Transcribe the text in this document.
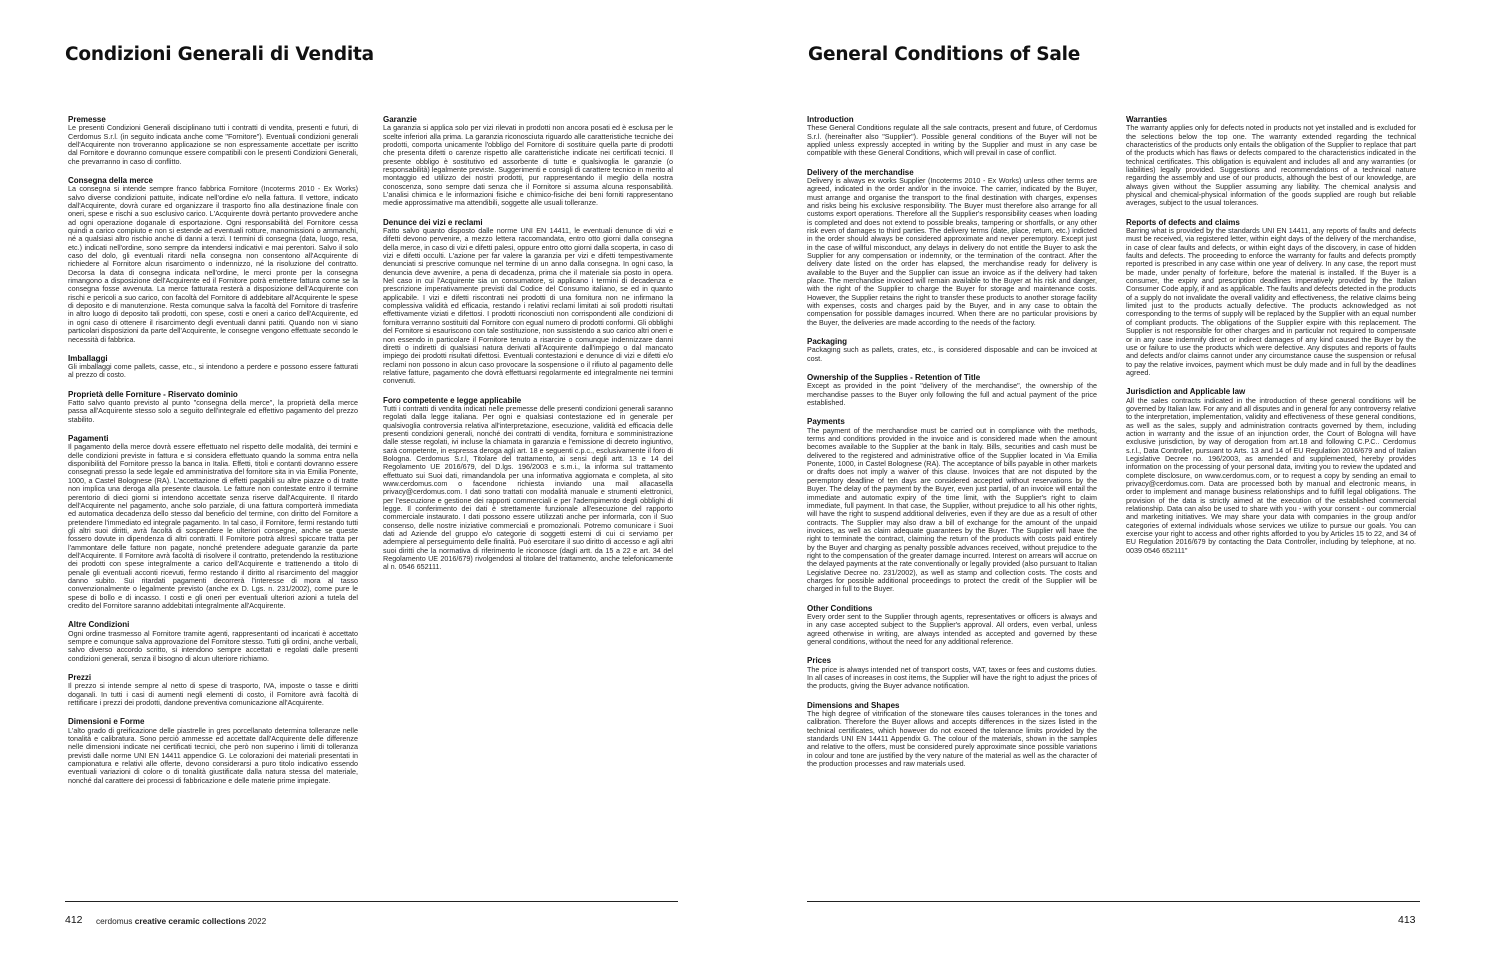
Condizioni Generali di Vendita	General Conditions of Sale
Premesse

Le presenti Condizioni Generali disciplinano tutti i contratti di vendita, presenti e futuri, di Cerdomus S.r.l. (in seguito indicata anche come "Fornitore"). Eventuali condizioni generali dell'Acquirente non troveranno applicazione se non espressamente accettate per iscritto dal Fornitore e dovranno comunque essere compatibili con le presenti Condizioni Generali, che prevarranno in caso di conflitto.

Consegna della merce

La consegna si intende sempre franco fabbrica Fornitore (Incoterms 2010 - Ex Works) salvo diverse condizioni pattuite, indicate nell'ordine e/o nella fattura. Il vettore, indicato dall'Acquirente, dovrà curare ed organizzare il trasporto fino alla destinazione finale con oneri, spese e rischi a suo esclusivo carico. L'Acquirente dovrà pertanto provvedere anche ad ogni operazione doganale di esportazione. Ogni responsabilità del Fornitore cessa quindi a carico compiuto e non si estende ad eventuali rotture, manomissioni o ammanchi, né a qualsiasi altro rischio anche di danni a terzi. I termini di consegna (data, luogo, resa, etc.) indicati nell'ordine, sono sempre da intendersi indicativi e mai perentori. Salvo il solo caso del dolo, gli eventuali ritardi nella consegna non consentono all'Acquirente di richiedere al Fornitore alcun risarcimento o indennizzo, né la risoluzione del contratto. Decorsa la data di consegna indicata nell'ordine, le merci pronte per la consegna rimangono a disposizione dell'Acquirente ed il Fornitore potrà emettere fattura come se la consegna fosse avvenuta. La merce fatturata resterà a disposizione dell'Acquirente con rischi e pericoli a suo carico, con facoltà del Fornitore di addebitare all'Acquirente le spese di deposito e di manutenzione. Resta comunque salva la facoltà del Fornitore di trasferire in altro luogo di deposito tali prodotti, con spese, costi e oneri a carico dell'Acquirente, ed in ogni caso di ottenere il risarcimento degli eventuali danni patiti. Quando non vi siano particolari disposizioni da parte dell'Acquirente, le consegne vengono effettuate secondo le necessità di fabbrica.

Imballaggi

Gli imballaggi come pallets, casse, etc., si intendono a perdere e possono essere fatturati al prezzo di costo.

Proprietà delle Forniture - Riservato dominio

Fatto salvo quanto previsto al punto "consegna della merce", la proprietà della merce passa all'Acquirente stesso solo a seguito dell'integrale ed effettivo pagamento del prezzo stabilito.

Pagamenti

Il pagamento della merce dovrà essere effettuato nel rispetto delle modalità, dei termini e delle condizioni previste in fattura e si considera effettuato quando la somma entra nella disponibilità del Fornitore presso la banca in Italia. Effetti, titoli e contanti dovranno essere consegnati presso la sede legale ed amministrativa del fornitore sita in via Emilia Ponente, 1000, a Castel Bolognese (RA). L'accettazione di effetti pagabili su altre piazze o di tratte non implica una deroga alla presente clausola. Le fatture non contestate entro il termine perentorio di dieci giorni si intendono accettate senza riserve dall'Acquirente. Il ritardo dell'Acquirente nel pagamento, anche solo parziale, di una fattura comporterà immediata ed automatica decadenza dello stesso dal beneficio del termine, con diritto del Fornitore a pretendere l'immediato ed integrale pagamento. In tal caso, il Fornitore, fermi restando tutti gli altri suoi diritti, avrà facoltà di sospendere le ulteriori consegne, anche se queste fossero dovute in dipendenza di altri contratti. Il Fornitore potrà altresì spiccare tratta per l'ammontare delle fatture non pagate, nonché pretendere adeguate garanzie da parte dell'Acquirente. Il Fornitore avrà facoltà di risolvere il contratto, pretendendo la restituzione dei prodotti con spese integralmente a carico dell'Acquirente e trattenendo a titolo di penale gli eventuali acconti ricevuti, fermo restando il diritto al risarcimento del maggior danno subito. Sui ritardati pagamenti decorrerà l'interesse di mora al tasso convenzionalmente o legalmente previsto (anche ex D. Lgs. n. 231/2002), come pure le spese di bollo e di incasso. I costi e gli oneri per eventuali ulteriori azioni a tutela del credito del Fornitore saranno addebitati integralmente all'Acquirente.

Altre Condizioni

Ogni ordine trasmesso al Fornitore tramite agenti, rappresentanti od incaricati è accettato sempre e comunque salva approvazione del Fornitore stesso. Tutti gli ordini, anche verbali, salvo diverso accordo scritto, si intendono sempre accettati e regolati dalle presenti condizioni generali, senza il bisogno di alcun ulteriore richiamo.

Prezzi

Il prezzo si intende sempre al netto di spese di trasporto, IVA, imposte o tasse e diritti doganali. In tutti i casi di aumenti negli elementi di costo, il Fornitore avrà facoltà di rettificare i prezzi dei prodotti, dandone preventiva comunicazione all'Acquirente.

Dimensioni e Forme

L'alto grado di greificazione delle piastrelle in gres porcellanato determina tolleranze nelle tonalità e calibratura. Sono perciò ammesse ed accettate dall'Acquirente delle differenze nelle dimensioni indicate nei certificati tecnici, che però non superino i limiti di tolleranza previsti dalle norme UNI EN 14411 appendice G. Le colorazioni dei materiali presentati in campionatura e relativi alle offerte, devono considerarsi a puro titolo indicativo essendo eventuali variazioni di colore o di tonalità giustificate dalla natura stessa del materiale, nonché dal carattere dei processi di fabbricazione e delle materie prime impiegate.

Garanzie

La garanzia si applica solo per vizi rilevati in prodotti non ancora posati ed è esclusa per le scelte inferiori alla prima. La garanzia riconosciuta riguardo alle caratteristiche tecniche dei prodotti, comporta unicamente l'obbligo del Fornitore di sostituire quella parte di prodotti che presenta difetti o carenze rispetto alle caratteristiche indicate nei certificati tecnici. Il presente obbligo è sostitutivo ed assorbente di tutte e qualsivoglia le garanzie (o responsabilità) legalmente previste. Suggerimenti e consigli di carattere tecnico in merito al montaggio ed utilizzo dei nostri prodotti, pur rappresentando il meglio della nostra conoscenza, sono sempre dati senza che il Fornitore si assuma alcuna responsabilità. L'analisi chimica e le informazioni fisiche e chimico-fisiche dei beni forniti rappresentano medie approssimative ma attendibili, soggette alle usuali tolleranze.

Denunce dei vizi e reclami

Fatto salvo quanto disposto dalle norme UNI EN 14411, le eventuali denunce di vizi e difetti devono pervenire, a mezzo lettera raccomandata, entro otto giorni dalla consegna della merce, in caso di vizi e difetti palesi, oppure entro otto giorni dalla scoperta, in caso di vizi e difetti occulti. L'azione per far valere la garanzia per vizi e difetti tempestivamente denunciati si prescrive comunque nel termine di un anno dalla consegna. In ogni caso, la denuncia deve avvenire, a pena di decadenza, prima che il materiale sia posto in opera. Nel caso in cui l'Acquirente sia un consumatore, si applicano i termini di decadenza e prescrizione imperativamente previsti dal Codice del Consumo italiano, se ed in quanto applicabile. I vizi e difetti riscontrati nei prodotti di una fornitura non ne infirmano la complessiva validità ed efficacia, restando i relativi reclami limitati ai soli prodotti risultati effettivamente viziati e difettosi. I prodotti riconosciuti non corrispondenti alle condizioni di fornitura verranno sostituiti dal Fornitore con egual numero di prodotti conformi. Gli obblighi del Fornitore si esauriscono con tale sostituzione, non sussistendo a suo carico altri oneri e non essendo in particolare il Fornitore tenuto a risarcire o comunque indennizzare danni diretti o indiretti di qualsiasi natura derivati all'Acquirente dall'impiego o dal mancato impiego dei prodotti risultati difettosi. Eventuali contestazioni e denunce di vizi e difetti e/o reclami non possono in alcun caso provocare la sospensione o il rifiuto al pagamento delle relative fatture, pagamento che dovrà effettuarsi regolarmente ed integralmente nei termini convenuti.

Foro competente e legge applicabile

Tutti i contratti di vendita indicati nelle premesse delle presenti condizioni generali saranno regolati dalla legge italiana. Per ogni e qualsiasi contestazione ed in generale per qualsivoglia controversia relativa all'interpretazione, esecuzione, validità ed efficacia delle presenti condizioni generali, nonché dei contratti di vendita, fornitura e somministrazione dalle stesse regolati, ivi incluse la chiamata in garanzia e l'emissione di decreto ingiuntivo, sarà competente, in espressa deroga agli art. 18 e seguenti c.p.c., esclusivamente il foro di Bologna. Cerdomus S.r.l, Titolare del trattamento, ai sensi degli artt. 13 e 14 del Regolamento UE 2016/679, del D.lgs. 196/2003 e s.m.i., la informa sul trattamento effettuato sui Suoi dati, rimandandola per una informativa aggiornata e completa, al sito www.cerdomus.com o facendone richiesta inviando una mail allacasella privacy@cerdomus.com. I dati sono trattati con modalità manuale e strumenti elettronici, per l'esecuzione e gestione dei rapporti commerciali e per l'adempimento degli obblighi di legge. Il conferimento dei dati è strettamente funzionale all'esecuzione del rapporto commerciale instaurato. I dati possono essere utilizzati anche per informarla, con il Suo consenso, delle nostre iniziative commerciali e promozionali. Potremo comunicare i Suoi dati ad Aziende del gruppo e/o categorie di soggetti esterni di cui ci serviamo per adempiere al perseguimento delle finalità. Può esercitare il suo diritto di accesso e agli altri suoi diritti che la normativa di riferimento le riconosce (dagli artt. da 15 a 22 e art. 34 del Regolamento UE 2016/679) rivolgendosi al titolare del trattamento, anche telefonicamente al n. 0546 652111.

Introduction

These General Conditions regulate all the sale contracts, present and future, of Cerdomus S.r.l. (hereinafter also "Supplier"). Possible general conditions of the Buyer will not be applied unless expressly accepted in writing by the Supplier and must in any case be compatible with these General Conditions, which will prevail in case of conflict.

Delivery of the merchandise

Delivery is always ex works Supplier (Incoterms 2010 - Ex Works) unless other terms are agreed, indicated in the order and/or in the invoice. The carrier, indicated by the Buyer, must arrange and organise the transport to the final destination with charges, expenses and risks being his exclusive responsibility. The Buyer must therefore also arrange for all customs export operations. Therefore all the Supplier's responsibility ceases when loading is completed and does not extend to possible breaks, tampering or shortfalls, or any other risk even of damages to third parties. The delivery terms (date, place, return, etc.) indicted in the order should always be considered approximate and never peremptory. Except just in the case of willful misconduct, any delays in delivery do not entitle the Buyer to ask the Supplier for any compensation or indemnity, or the termination of the contract. After the delivery date listed on the order has elapsed, the merchandise ready for delivery is available to the Buyer and the Supplier can issue an invoice as if the delivery had taken place. The merchandise invoiced will remain available to the Buyer at his risk and danger, with the right of the Supplier to charge the Buyer for storage and maintenance costs. However, the Supplier retains the right to transfer these products to another storage facility with expenses, costs and charges paid by the Buyer, and in any case to obtain the compensation for possible damages incurred. When there are no particular provisions by the Buyer, the deliveries are made according to the needs of the factory.

Packaging

Packaging such as pallets, crates, etc., is considered disposable and can be invoiced at cost.

Ownership of the Supplies - Retention of Title

Except as provided in the point "delivery of the merchandise", the ownership of the merchandise passes to the Buyer only following the full and actual payment of the price established.

Payments

The payment of the merchandise must be carried out in compliance with the methods, terms and conditions provided in the invoice and is considered made when the amount becomes available to the Supplier at the bank in Italy. Bills, securities and cash must be delivered to the registered and administrative office of the Supplier located in Via Emilia Ponente, 1000, in Castel Bolognese (RA). The acceptance of bills payable in other markets or drafts does not imply a waiver of this clause. Invoices that are not disputed by the peremptory deadline of ten days are considered accepted without reservations by the Buyer. The delay of the payment by the Buyer, even just partial, of an invoice will entail the immediate and automatic expiry of the time limit, with the Supplier's right to claim immediate, full payment. In that case, the Supplier, without prejudice to all his other rights, will have the right to suspend additional deliveries, even if they are due as a result of other contracts. The Supplier may also draw a bill of exchange for the amount of the unpaid invoices, as well as claim adequate guarantees by the Buyer. The Supplier will have the right to terminate the contract, claiming the return of the products with costs paid entirely by the Buyer and charging as penalty possible advances received, without prejudice to the right to the compensation of the greater damage incurred. Interest on arrears will accrue on the delayed payments at the rate conventionally or legally provided (also pursuant to Italian Legislative Decree no. 231/2002), as well as stamp and collection costs. The costs and charges for possible additional proceedings to protect the credit of the Supplier will be charged in full to the Buyer.

Other Conditions

Every order sent to the Supplier through agents, representatives or officers is always and in any case accepted subject to the Supplier's approval. All orders, even verbal, unless agreed otherwise in writing, are always intended as accepted and governed by these general conditions, without the need for any additional reference.

Prices

The price is always intended net of transport costs, VAT, taxes or fees and customs duties. In all cases of increases in cost items, the Supplier will have the right to adjust the prices of the products, giving the Buyer advance notification.

Dimensions and Shapes

The high degree of vitrification of the stoneware tiles causes tolerances in the tones and calibration. Therefore the Buyer allows and accepts differences in the sizes listed in the technical certificates, which however do not exceed the tolerance limits provided by the standards UNI EN 14411 Appendix G. The colour of the materials, shown in the samples and relative to the offers, must be considered purely approximate since possible variations in colour and tone are justified by the very nature of the material as well as the character of the production processes and raw materials used.

Warranties

The warranty applies only for defects noted in products not yet installed and is excluded for the selections below the top one. The warranty extended regarding the technical characteristics of the products only entails the obligation of the Supplier to replace that part of the products which has flaws or defects compared to the characteristics indicated in the technical certificates. This obligation is equivalent and includes all and any warranties (or liabilities) legally provided. Suggestions and recommendations of a technical nature regarding the assembly and use of our products, although the best of our knowledge, are always given without the Supplier assuming any liability. The chemical analysis and physical and chemical-physical information of the goods supplied are rough but reliable averages, subject to the usual tolerances.

Reports of defects and claims

Barring what is provided by the standards UNI EN 14411, any reports of faults and defects must be received, via registered letter, within eight days of the delivery of the merchandise, in case of clear faults and defects, or within eight days of the discovery, in case of hidden faults and defects. The proceeding to enforce the warranty for faults and defects promptly reported is prescribed in any case within one year of delivery. In any case, the report must be made, under penalty of forfeiture, before the material is installed. If the Buyer is a consumer, the expiry and prescription deadlines imperatively provided by the Italian Consumer Code apply, if and as applicable. The faults and defects detected in the products of a supply do not invalidate the overall validity and effectiveness, the relative claims being limited just to the products actually defective. The products acknowledged as not corresponding to the terms of supply will be replaced by the Supplier with an equal number of compliant products. The obligations of the Supplier expire with this replacement. The Supplier is not responsible for other charges and in particular not required to compensate or in any case indemnify direct or indirect damages of any kind caused the Buyer by the use or failure to use the products which were defective. Any disputes and reports of faults and defects and/or claims cannot under any circumstance cause the suspension or refusal to pay the relative invoices, payment which must be duly made and in full by the deadlines agreed.

Jurisdiction and Applicable law

All the sales contracts indicated in the introduction of these general conditions will be governed by Italian law. For any and all disputes and in general for any controversy relative to the interpretation, implementation, validity and effectiveness of these general conditions, as well as the sales, supply and administration contracts governed by them, including action in warranty and the issue of an injunction order, the Court of Bologna will have exclusive jurisdiction, by way of derogation from art.18 and following C.P.C.. Cerdomus s.r.l., Data Controller, pursuant to Arts. 13 and 14 of EU Regulation 2016/679 and of Italian Legislative Decree no. 196/2003, as amended and supplemented, hereby provides information on the processing of your personal data, inviting you to review the updated and complete disclosure, on www.cerdomus.com, or to request a copy by sending an email to privacy@cerdomus.com. Data are processed both by manual and electronic means, in order to implement and manage business relationships and to fulfill legal obligations. The provision of the data is strictly aimed at the execution of the established commercial relationship. Data can also be used to share with you - with your consent - our commercial and marketing initiatives. We may share your data with companies in the group and/or categories of external individuals whose services we utilize to pursue our goals. You can exercise your right to access and other rights afforded to you by Articles 15 to 22, and 34 of EU Regulation 2016/679 by contacting the Data Controller, including by telephone, at no. 0039 0546 652111"

412 cerdomus creative ceramic collections 2022	413
